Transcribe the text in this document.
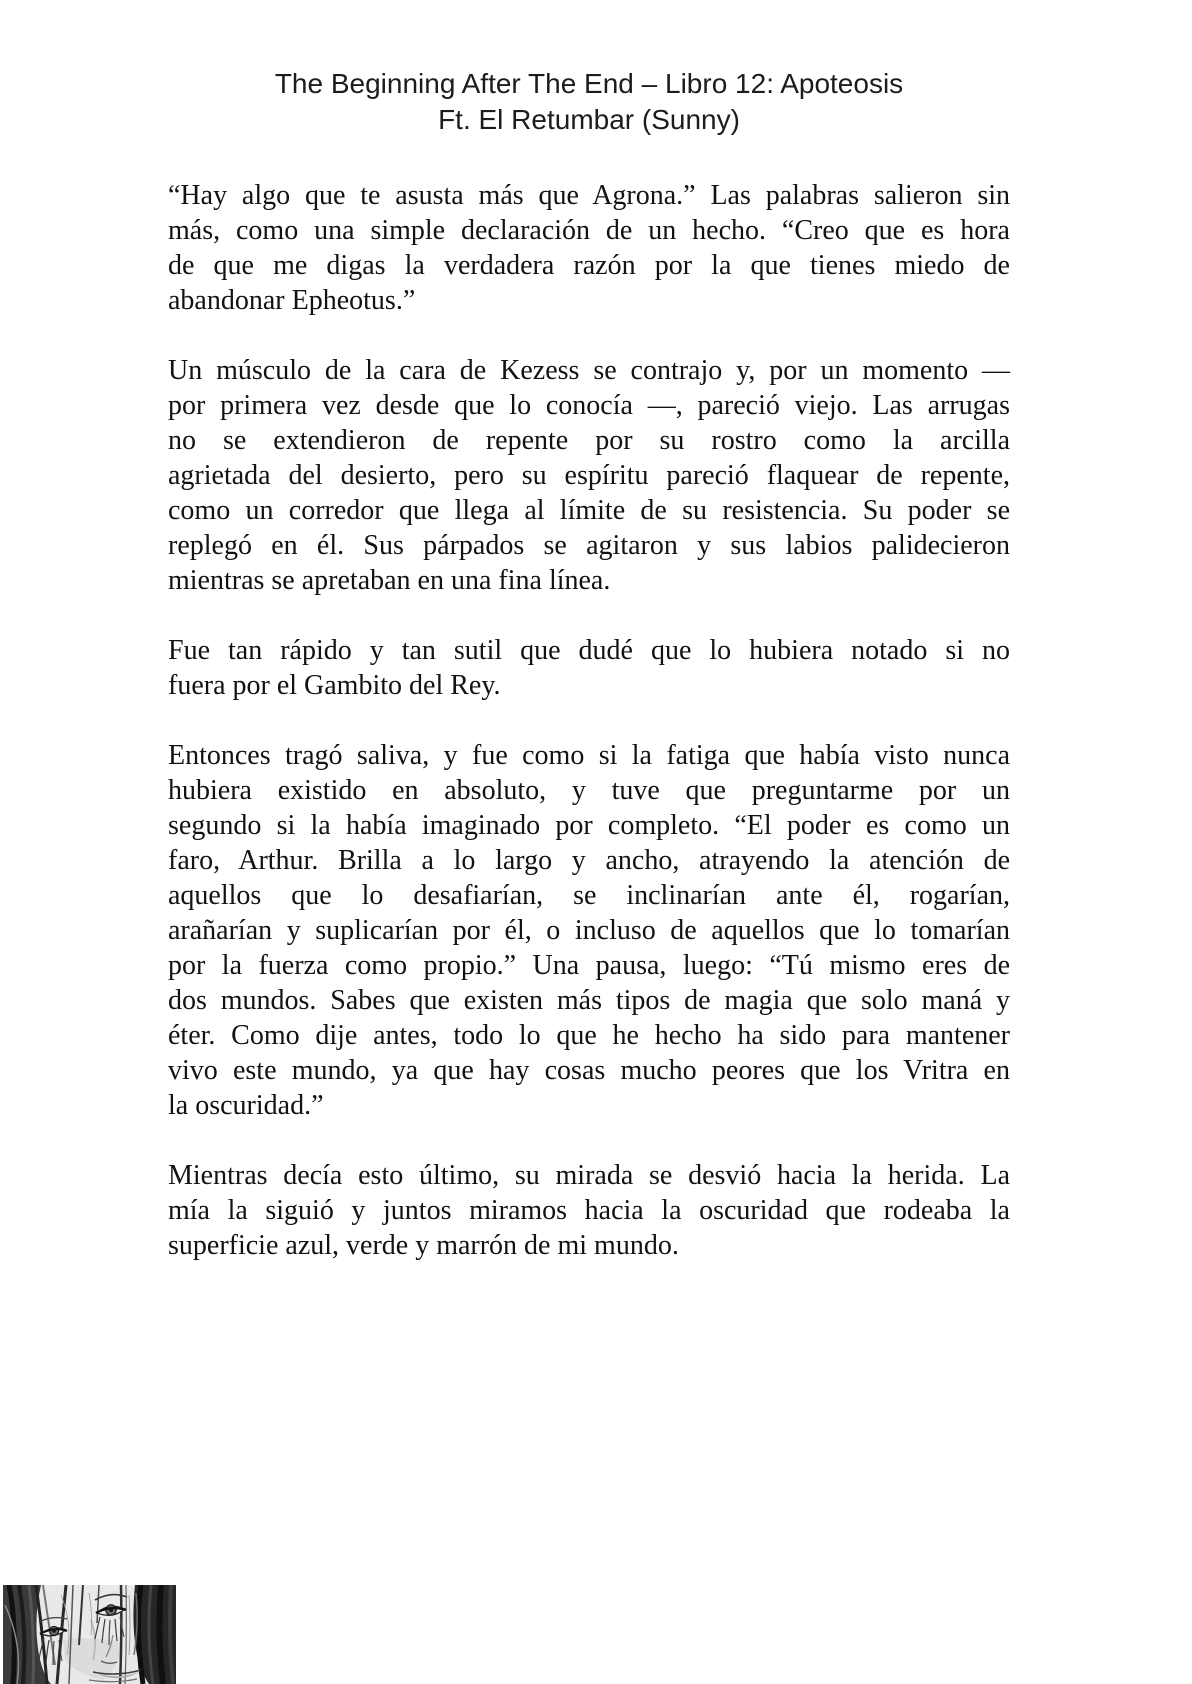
The Beginning After The End – Libro 12: Apoteosis
Ft. El Retumbar (Sunny)
“Hay algo que te asusta más que Agrona.” Las palabras salieron sin
más, como una simple declaración de un hecho. “Creo que es hora
de que me digas la verdadera razón por la que tienes miedo de
abandonar Epheotus.”
Un músculo de la cara de Kezess se contrajo y, por un momento —
por primera vez desde que lo conocía —, pareció viejo. Las arrugas
no se extendieron de repente por su rostro como la arcilla
agrietada del desierto, pero su espíritu pareció flaquear de repente,
como un corredor que llega al límite de su resistencia. Su poder se
replegó en él. Sus párpados se agitaron y sus labios palidecieron
mientras se apretaban en una fina línea.
Fue tan rápido y tan sutil que dudé que lo hubiera notado si no
fuera por el Gambito del Rey.
Entonces tragó saliva, y fue como si la fatiga que había visto nunca
hubiera existido en absoluto, y tuve que preguntarme por un
segundo si la había imaginado por completo. “El poder es como un
faro, Arthur. Brilla a lo largo y ancho, atrayendo la atención de
aquellos que lo desafiarían, se inclinarían ante él, rogarían,
arañarían y suplicarían por él, o incluso de aquellos que lo tomarían
por la fuerza como propio.” Una pausa, luego: “Tú mismo eres de
dos mundos. Sabes que existen más tipos de magia que solo maná y
éter. Como dije antes, todo lo que he hecho ha sido para mantener
vivo este mundo, ya que hay cosas mucho peores que los Vritra en
la oscuridad.”
Mientras decía esto último, su mirada se desvió hacia la herida. La
mía la siguió y juntos miramos hacia la oscuridad que rodeaba la
superficie azul, verde y marrón de mi mundo.
